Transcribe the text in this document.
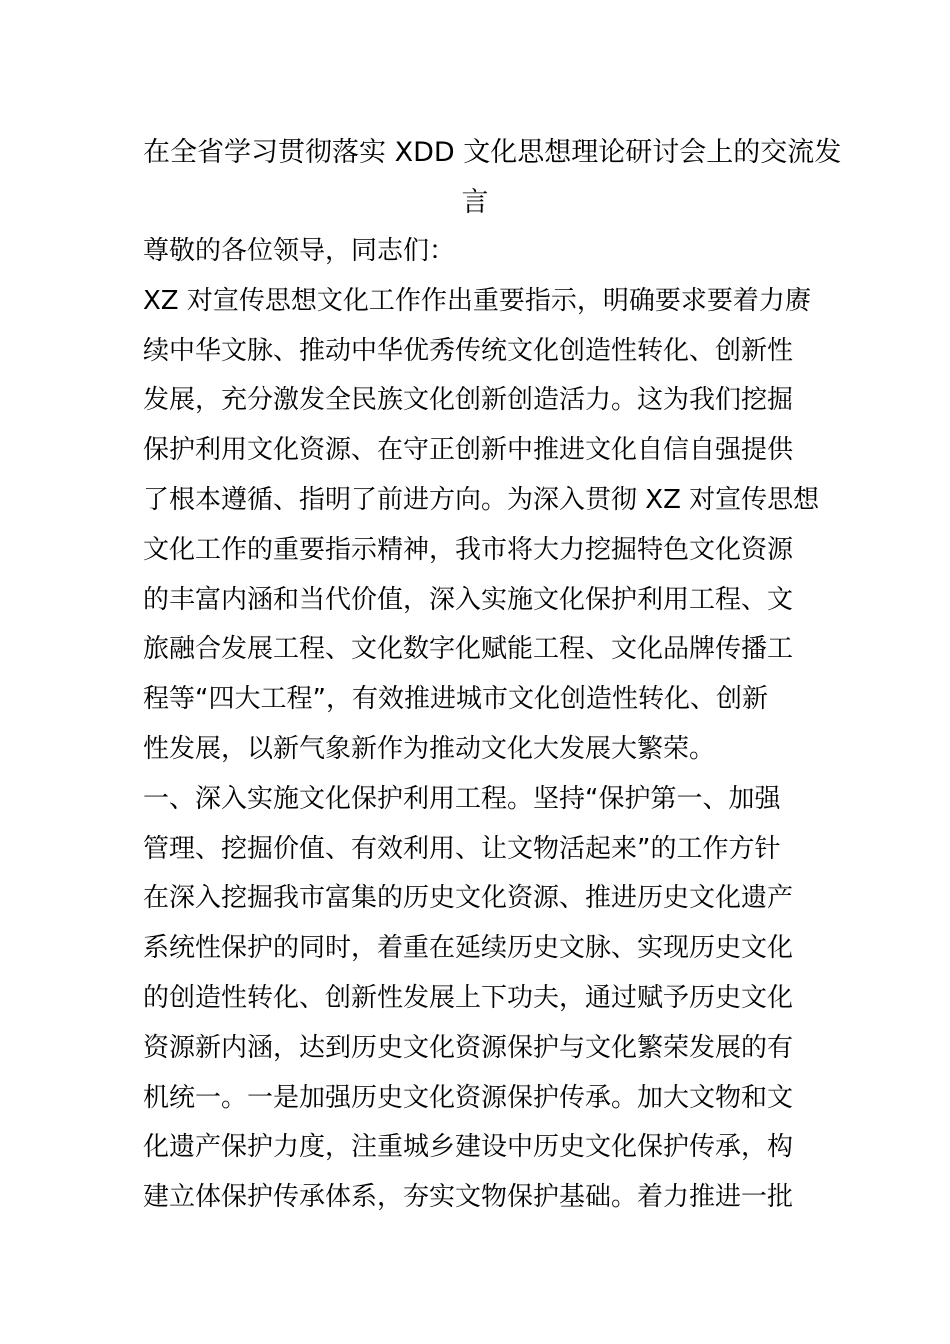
在全省学习贯彻落实 XDD 文化思想理论研讨会上的交流发
言
尊敬的各位领导，同志们：
XZ 对宣传思想文化工作作出重要指示，明确要求要着力赓
续中华文脉、推动中华优秀传统文化创造性转化、创新性
发展，充分激发全民族文化创新创造活力。这为我们挖掘
保护利用文化资源、在守正创新中推进文化自信自强提供
了根本遵循、指明了前进方向。为深入贯彻 XZ 对宣传思想
文化工作的重要指示精神，我市将大力挖掘特色文化资源
的丰富内涵和当代价值，深入实施文化保护利用工程、文
旅融合发展工程、文化数字化赋能工程、文化品牌传播工
程等“四大工程”，有效推进城市文化创造性转化、创新
性发展，以新气象新作为推动文化大发展大繁荣。
一、深入实施文化保护利用工程。坚持“保护第一、加强
管理、挖掘价值、有效利用、让文物活起来”的工作方针
在深入挖掘我市富集的历史文化资源、推进历史文化遗产
系统性保护的同时，着重在延续历史文脉、实现历史文化
的创造性转化、创新性发展上下功夫，通过赋予历史文化
资源新内涵，达到历史文化资源保护与文化繁荣发展的有
机统一。一是加强历史文化资源保护传承。加大文物和文
化遗产保护力度，注重城乡建设中历史文化保护传承，构
建立体保护传承体系，夯实文物保护基础。着力推进一批
